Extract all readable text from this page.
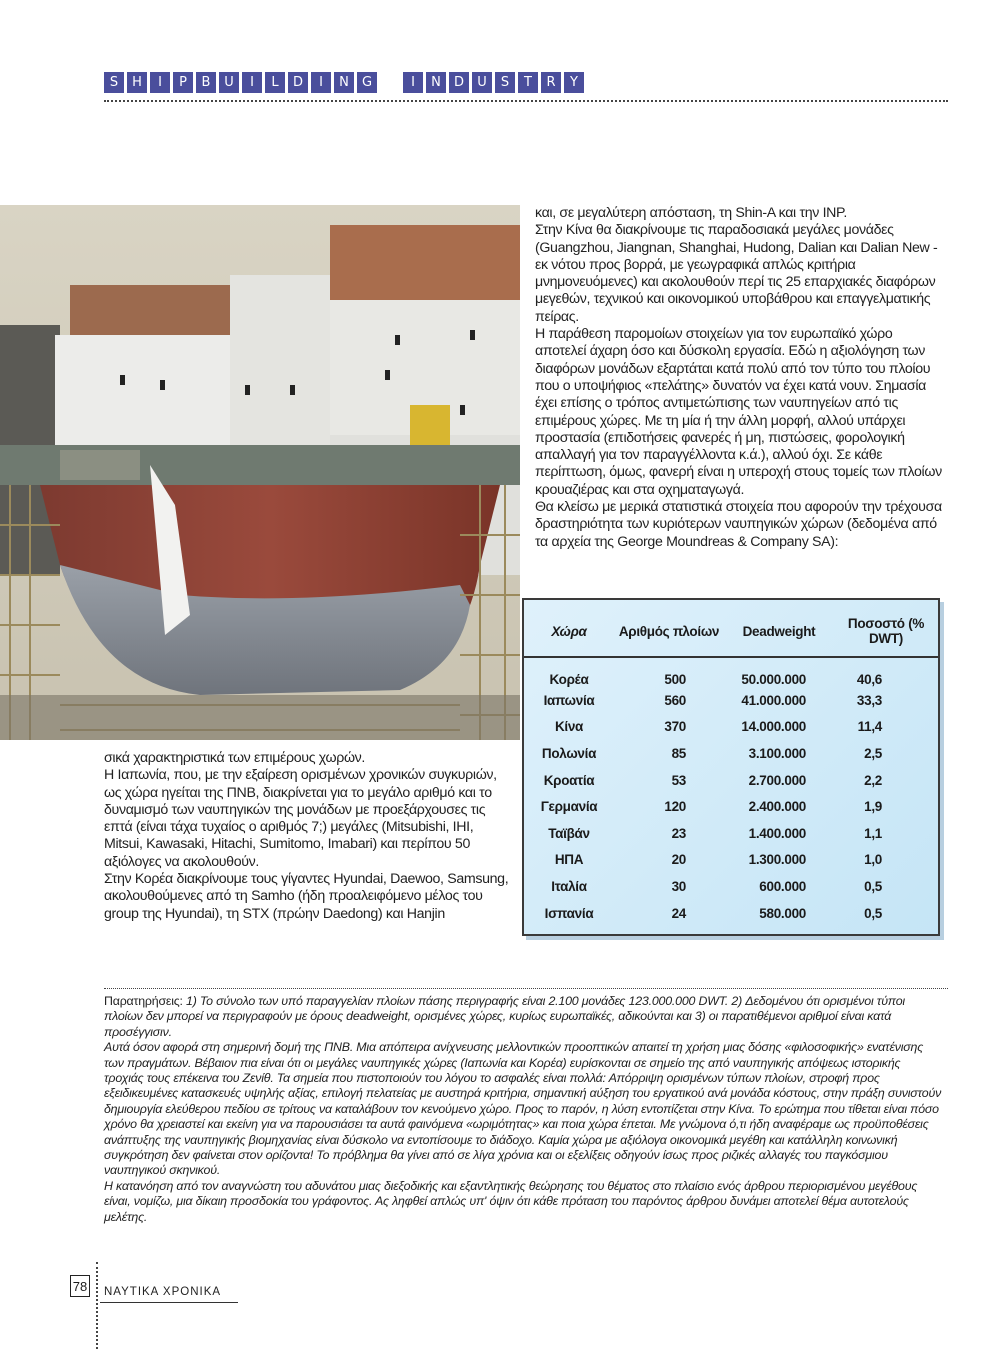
S	H	I	P	B	U	I	L	D	I	N	G	I	N	D	U	S	T	R	Y

και, σε μεγαλύτερη απόσταση, τη Shin-A και την INP.

Στην Κίνα θα διακρίνουμε τις παραδοσιακά μεγάλες μονάδες (Guangzhou, Jiangnan, Shanghai, Hudong, Dalian και Dalian New - εκ νότου προς βορρά, με γεωγραφικά απλώς κριτήρια μνημονευόμενες) και ακολουθούν περί τις 25 επαρχιακές διαφόρων μεγεθών, τεχνικού και οικονομικού υποβάθρου και επαγγελματικής πείρας.

Η παράθεση παρομοίων στοιχείων για τον ευρωπαϊκό χώρο αποτελεί άχαρη όσο και δύσκολη εργασία. Εδώ η αξιολόγηση των διαφόρων μονάδων εξαρτάται κατά πολύ από τον τύπο του πλοίου που ο υποψήφιος «πελάτης» δυνατόν να έχει κατά νουν. Σημασία έχει επίσης ο τρόπος αντιμετώπισης των ναυπηγείων από τις επιμέρους χώρες. Με τη μία ή την άλλη μορφή, αλλού υπάρχει προστασία (επιδοτήσεις φανερές ή μη, πιστώσεις, φορολογική απαλλαγή για τον παραγγέλλοντα κ.ά.), αλλού όχι. Σε κάθε περίπτωση, όμως, φανερή είναι η υπεροχή στους τομείς των πλοίων κρουαζιέρας και στα οχηματαγωγά.

Θα κλείσω με μερικά στατιστικά στοιχεία που αφορούν την τρέχουσα δραστηριότητα των κυριότερων ναυπηγικών χώρων (δεδομένα από τα αρχεία της George Moundreas & Company SA):

σικά χαρακτηριστικά των επιμέρους χωρών.

Η Ιαπωνία, που, με την εξαίρεση ορισμένων χρονικών συγκυριών, ως χώρα ηγείται της ΠΝΒ, διακρίνεται για το μεγάλο αριθμό και το δυναμισμό των ναυπηγικών της μονάδων με προεξάρχουσες τις επτά (είναι τάχα τυχαίος ο αριθμός 7;) μεγάλες (Mitsubishi, IHI, Mitsui, Kawasaki, Hitachi, Sumitomo, Imabari) και περίπου 50 αξιόλογες να ακολουθούν.

Στην Κορέα διακρίνουμε τους γίγαντες Hyundai, Daewoo, Samsung, ακολουθούμενες από τη Samho (ήδη προαλειφόμενο μέλος του group της Hyundai), τη STX (πρώην Daedong) και Hanjin

Χώρα	Αριθμός πλοίων	Deadweight	Ποσοστό (% DWT)
Κορέα	500	50.000.000	40,6
Ιαπωνία	560	41.000.000	33,3
Κίνα	370	14.000.000	11,4
Πολωνία	85	3.100.000	2,5
Κροατία	53	2.700.000	2,2
Γερμανία	120	2.400.000	1,9
Ταϊβάν	23	1.400.000	1,1
ΗΠΑ	20	1.300.000	1,0
Ιταλία	30	600.000	0,5
Ισπανία	24	580.000	0,5

Παρατηρήσεις: 1) Το σύνολο των υπό παραγγελίαν πλοίων πάσης περιγραφής είναι 2.100 μονάδες 123.000.000 DWT. 2) Δεδομένου ότι ορισμένοι τύποι πλοίων δεν μπορεί να περιγραφούν με όρους deadweight, ορισμένες χώρες, κυρίως ευρωπαϊκές, αδικούνται και 3) οι παρατιθέμενοι αριθμοί είναι κατά προσέγγισιν.

Αυτά όσον αφορά στη σημερινή δομή της ΠΝΒ. Μια απόπειρα ανίχνευσης μελλοντικών προοπτικών απαιτεί τη χρήση μιας δόσης «φιλοσοφικής» ενατένισης των πραγμάτων. Βέβαιον πια είναι ότι οι μεγάλες ναυπηγικές χώρες (Ιαπωνία και Κορέα) ευρίσκονται σε σημείο της από ναυπηγικής απόψεως ιστορικής τροχιάς τους επέκεινα του Ζενίθ. Τα σημεία που πιστοποιούν του λόγου το ασφαλές είναι πολλά: Απόρριψη ορισμένων τύπων πλοίων, στροφή προς εξειδικευμένες κατασκευές υψηλής αξίας, επιλογή πελατείας με αυστηρά κριτήρια, σημαντική αύξηση του εργατικού ανά μονάδα κόστους, στην πράξη συνιστούν δημιουργία ελεύθερου πεδίου σε τρίτους να καταλάβουν τον κενούμενο χώρο. Προς το παρόν, η λύση εντοπίζεται στην Κίνα. Το ερώτημα που τίθεται είναι πόσο χρόνο θα χρειαστεί και εκείνη για να παρουσιάσει τα αυτά φαινόμενα «ωριμότητας» και ποια χώρα έπεται. Με γνώμονα ό,τι ήδη αναφέραμε ως προϋποθέσεις ανάπτυξης της ναυπηγικής βιομηχανίας είναι δύσκολο να εντοπίσουμε το διάδοχο. Καμία χώρα με αξιόλογα οικονομικά μεγέθη και κατάλληλη κοινωνική συγκρότηση δεν φαίνεται στον ορίζοντα! Το πρόβλημα θα γίνει από σε λίγα χρόνια και οι εξελίξεις οδηγούν ίσως προς ριζικές αλλαγές του παγκόσμιου ναυπηγικού σκηνικού.

Η κατανόηση από τον αναγνώστη του αδυνάτου μιας διεξοδικής και εξαντλητικής θεώρησης του θέματος στο πλαίσιο ενός άρθρου περιορισμένου μεγέθους είναι, νομίζω, μια δίκαιη προσδοκία του γράφοντος. Ας ληφθεί απλώς υπ' όψιν ότι κάθε πρόταση του παρόντος άρθρου δυνάμει αποτελεί θέμα αυτοτελούς μελέτης.

78 ΝΑΥΤΙΚΑ ΧΡΟΝΙΚΑ
